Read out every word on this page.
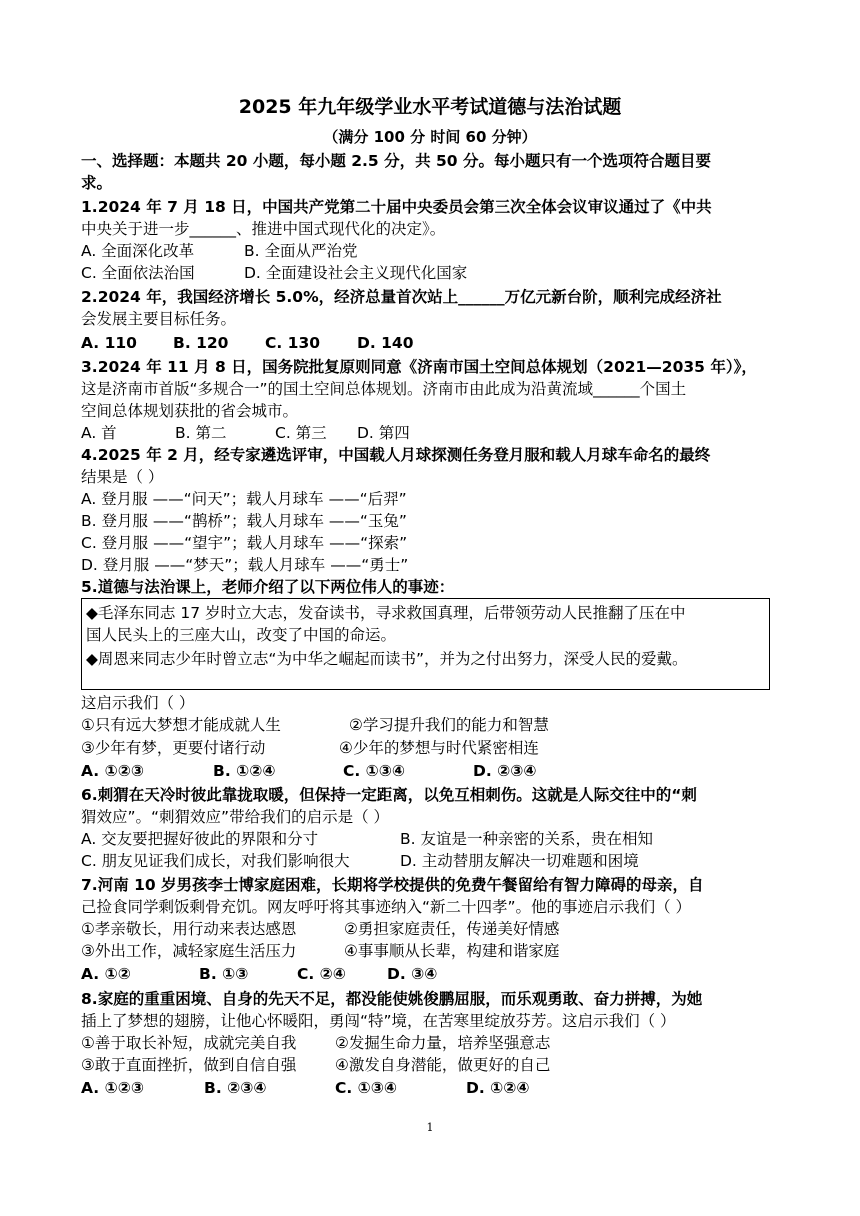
2025 年九年级学业水平考试道德与法治试题
（满分 100 分 时间 60 分钟）
一、选择题：本题共 20 小题，每小题 2.5 分，共 50 分。每小题只有一个选项符合题目要
求。
1.2024 年 7 月 18 日，中国共产党第二十届中央委员会第三次全体会议审议通过了《中共
中央关于进一步______、推进中国式现代化的决定》。
A. 全面深化改革	B. 全面从严治党
C. 全面依法治国	D. 全面建设社会主义现代化国家
2.2024 年，我国经济增长 5.0%，经济总量首次站上______万亿元新台阶，顺利完成经济社
会发展主要目标任务。
A. 110 B. 120 C. 130 D. 140
3.2024 年 11 月 8 日，国务院批复原则同意《济南市国土空间总体规划（2021—2035 年）》，
这是济南市首版“多规合一”的国土空间总体规划。济南市由此成为沿黄流域______个国土
空间总体规划获批的省会城市。
A. 首	B. 第二	C. 第三 D. 第四
4.2025 年 2 月，经专家遴选评审，中国载人月球探测任务登月服和载人月球车命名的最终
结果是（ ）
A. 登月服 ——“问天”；载人月球车 ——“后羿”
B. 登月服 ——“鹊桥”；载人月球车 ——“玉兔”
C. 登月服 ——“望宇”；载人月球车 ——“探索”
D. 登月服 ——“梦天”；载人月球车 ——“勇士”
5.道德与法治课上，老师介绍了以下两位伟人的事迹：
◆毛泽东同志 17 岁时立大志，发奋读书，寻求救国真理，后带领劳动人民推翻了压在中
国人民头上的三座大山，改变了中国的命运。
◆周恩来同志少年时曾立志“为中华之崛起而读书”，并为之付出努力，深受人民的爱戴。
这启示我们（ ）
①只有远大梦想才能成就人生	②学习提升我们的能力和智慧
③少年有梦，更要付诸行动	④少年的梦想与时代紧密相连
A. ①②③	B. ①②④	C. ①③④	D. ②③④
6.刺猬在天冷时彼此靠拢取暖，但保持一定距离，以免互相刺伤。这就是人际交往中的“刺
猬效应”。“刺猬效应”带给我们的启示是（ ）
A. 交友要把握好彼此的界限和分寸	B. 友谊是一种亲密的关系，贵在相知
C. 朋友见证我们成长，对我们影响很大	D. 主动替朋友解决一切难题和困境
7.河南 10 岁男孩李士博家庭困难，长期将学校提供的免费午餐留给有智力障碍的母亲，自
己捡食同学剩饭剩骨充饥。网友呼吁将其事迹纳入“新二十四孝”。他的事迹启示我们（ ）
①孝亲敬长，用行动来表达感恩	②勇担家庭责任，传递美好情感
③外出工作，减轻家庭生活压力	④事事顺从长辈，构建和谐家庭
A. ①②	B. ①③	C. ②④	D. ③④
8.家庭的重重困境、自身的先天不足，都没能使姚俊鹏屈服，而乐观勇敢、奋力拼搏，为她
插上了梦想的翅膀，让他心怀暖阳，勇闯“特”境，在苦寒里绽放芬芳。这启示我们（ ）
①善于取长补短，成就完美自我 ②发掘生命力量，培养坚强意志
③敢于直面挫折，做到自信自强 ④激发自身潜能，做更好的自己
A. ①②③	B. ②③④	C. ①③④	D. ①②④
1
